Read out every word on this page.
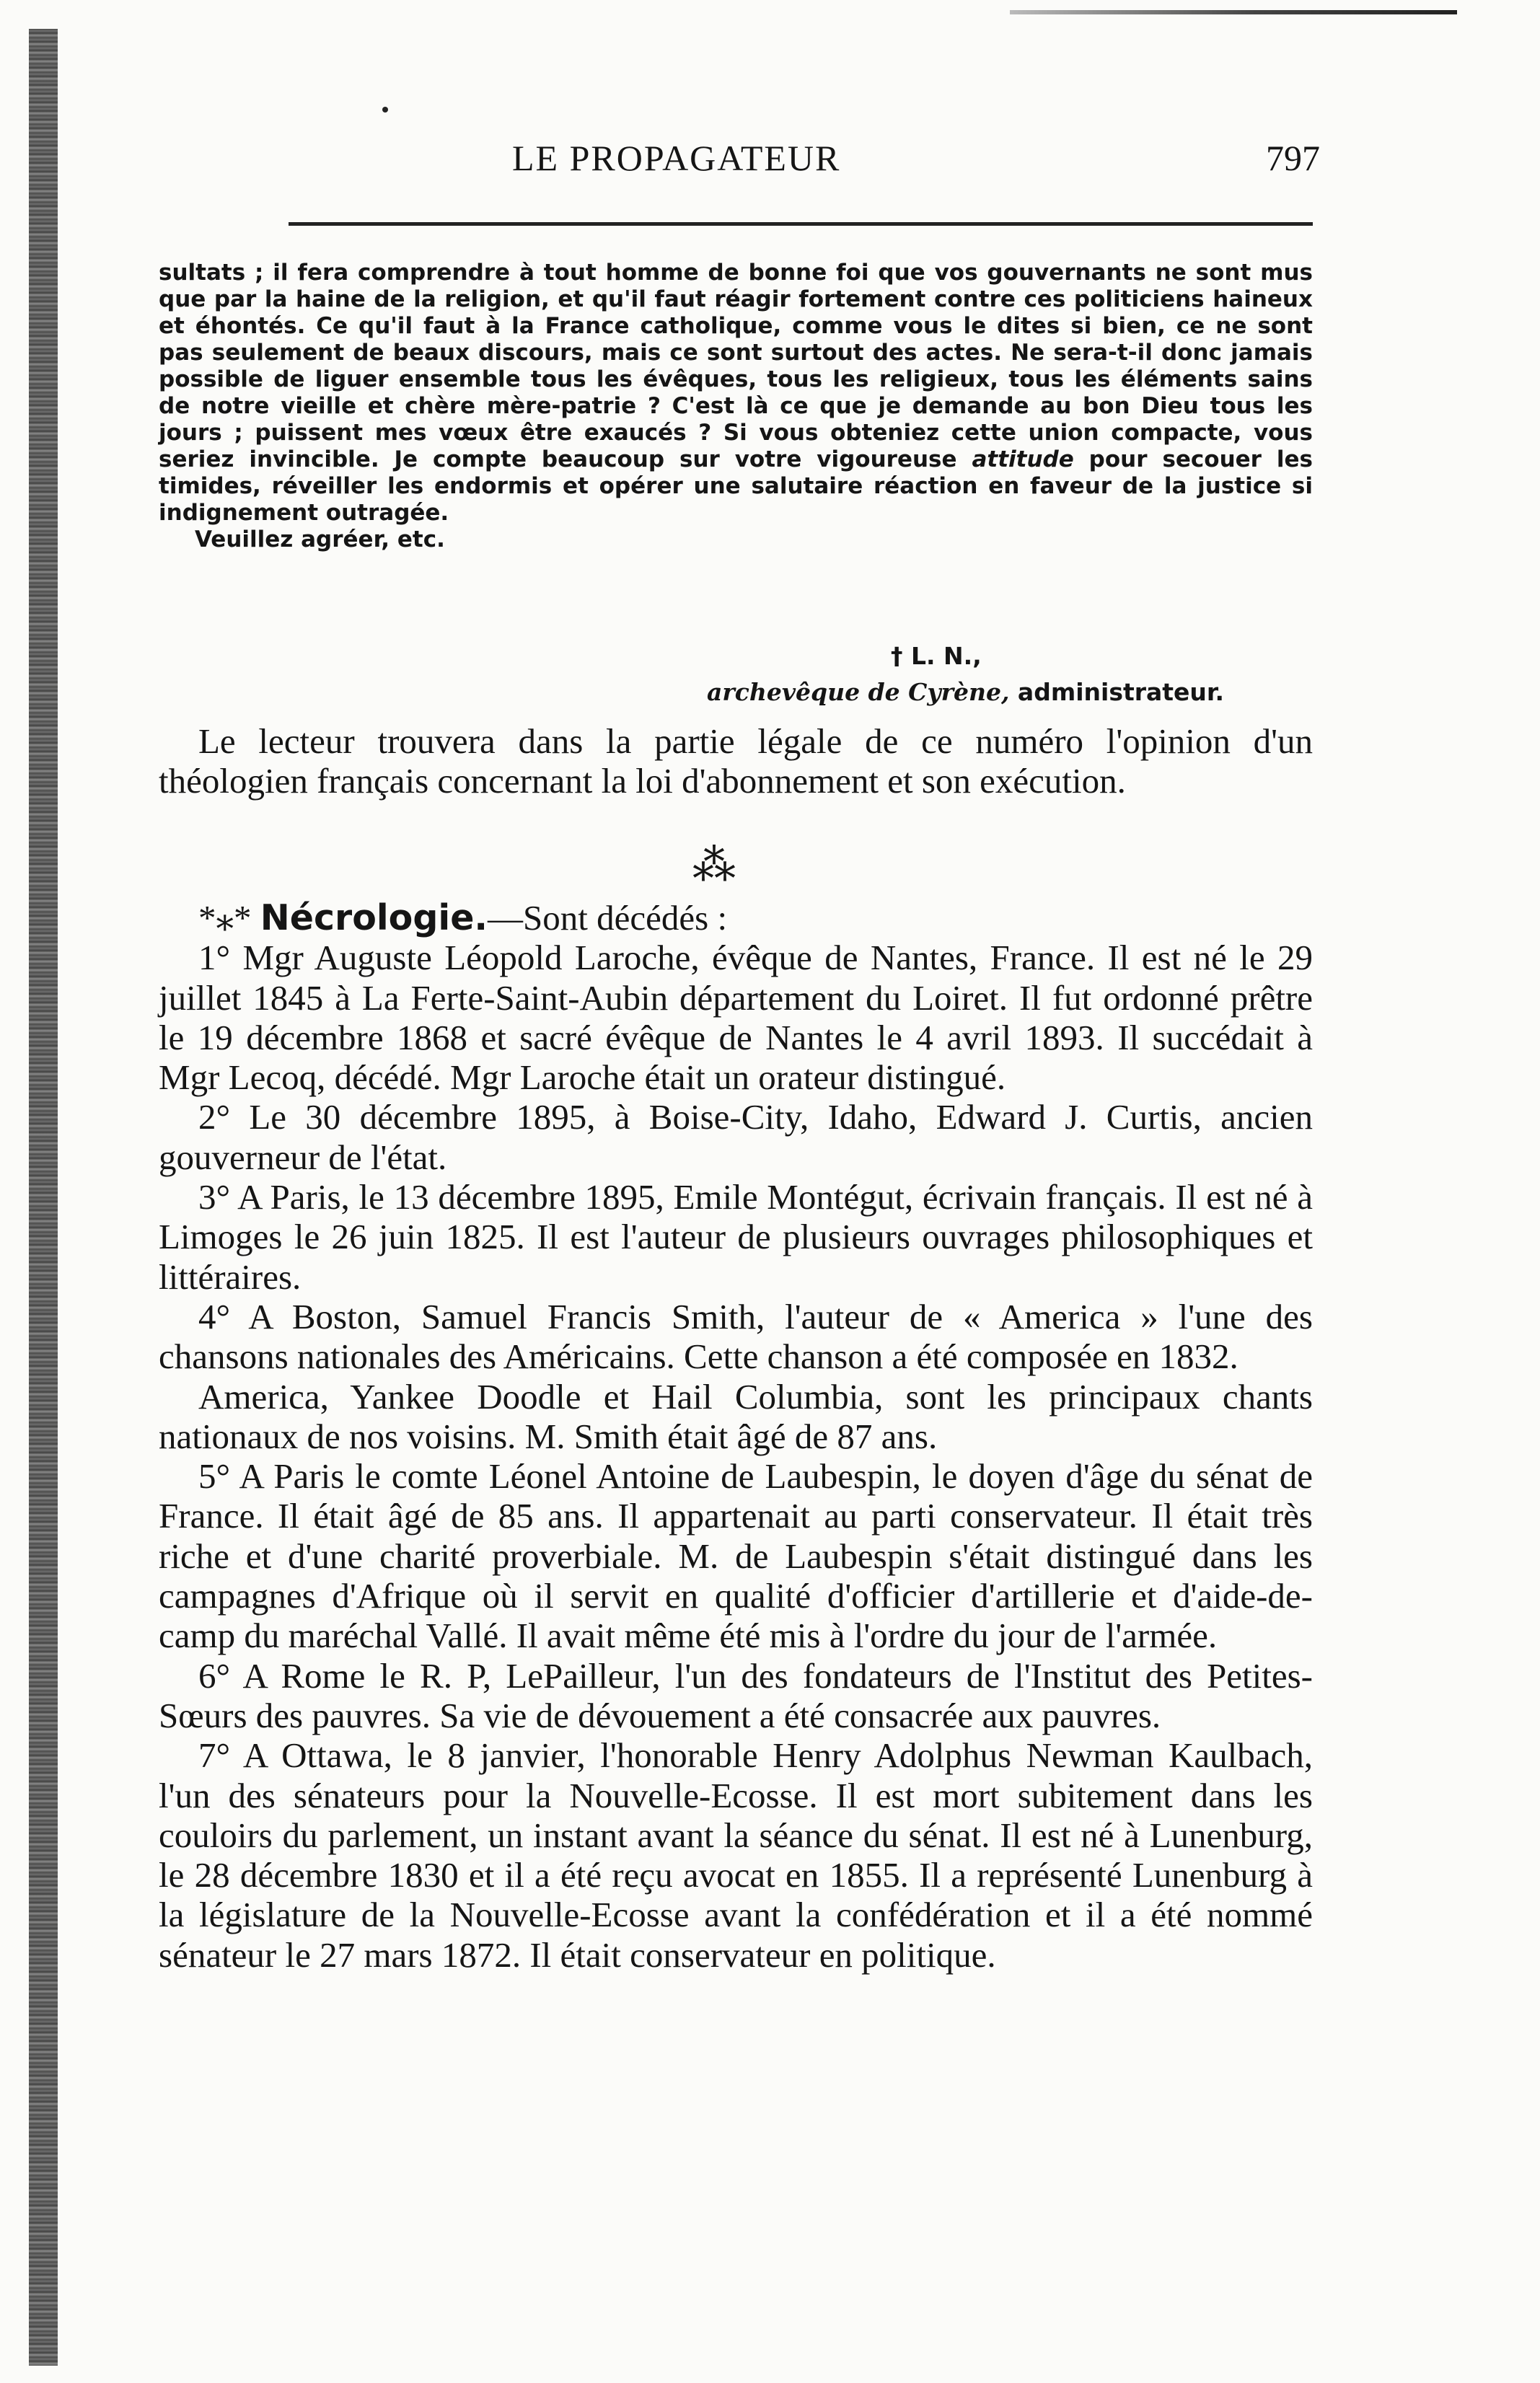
LE PROPAGATEUR	797

sultats ; il fera comprendre à tout homme de bonne foi que vos gouvernants ne sont mus que par la haine de la religion, et qu'il faut réagir fortement contre ces politiciens haineux et éhontés. Ce qu'il faut à la France catholique, comme vous le dites si bien, ce ne sont pas seulement de beaux discours, mais ce sont surtout des actes. Ne sera-t-il donc jamais possible de liguer ensemble tous les évêques, tous les religieux, tous les éléments sains de notre vieille et chère mère-patrie ? C'est là ce que je demande au bon Dieu tous les jours ; puissent mes vœux être exaucés ? Si vous obteniez cette union compacte, vous seriez invincible. Je compte beaucoup sur votre vigoureuse attitude pour secouer les timides, réveiller les endormis et opérer une salutaire réaction en faveur de la justice si indignement outragée.

Veuillez agréer, etc.

† L. N.,
archevêque de Cyrène, administrateur.

Le lecteur trouvera dans la partie légale de ce numéro l'opinion d'un théologien français concernant la loi d'abonnement et son exécution.

⁂

*⁎* Nécrologie.—Sont décédés :

1° Mgr Auguste Léopold Laroche, évêque de Nantes, France. Il est né le 29 juillet 1845 à La Ferte-Saint-Aubin département du Loiret. Il fut ordonné prêtre le 19 décembre 1868 et sacré évêque de Nantes le 4 avril 1893. Il succédait à Mgr Lecoq, décédé. Mgr Laroche était un orateur distingué.

2° Le 30 décembre 1895, à Boise-City, Idaho, Edward J. Curtis, ancien gouverneur de l'état.

3° A Paris, le 13 décembre 1895, Emile Montégut, écrivain français. Il est né à Limoges le 26 juin 1825. Il est l'auteur de plusieurs ouvrages philosophiques et littéraires.

4° A Boston, Samuel Francis Smith, l'auteur de « America » l'une des chansons nationales des Américains. Cette chanson a été composée en 1832.

America, Yankee Doodle et Hail Columbia, sont les principaux chants nationaux de nos voisins. M. Smith était âgé de 87 ans.

5° A Paris le comte Léonel Antoine de Laubespin, le doyen d'âge du sénat de France. Il était âgé de 85 ans. Il appartenait au parti conservateur. Il était très riche et d'une charité proverbiale. M. de Laubespin s'était distingué dans les campagnes d'Afrique où il servit en qualité d'officier d'artillerie et d'aide-de-camp du maréchal Vallé. Il avait même été mis à l'ordre du jour de l'armée.

6° A Rome le R. P, LePailleur, l'un des fondateurs de l'Institut des Petites-Sœurs des pauvres. Sa vie de dévouement a été consacrée aux pauvres.

7° A Ottawa, le 8 janvier, l'honorable Henry Adolphus Newman Kaulbach, l'un des sénateurs pour la Nouvelle-Ecosse. Il est mort subitement dans les couloirs du parlement, un instant avant la séance du sénat. Il est né à Lunenburg, le 28 décembre 1830 et il a été reçu avocat en 1855. Il a représenté Lunenburg à la législature de la Nouvelle-Ecosse avant la confédération et il a été nommé sénateur le 27 mars 1872. Il était conservateur en politique.
